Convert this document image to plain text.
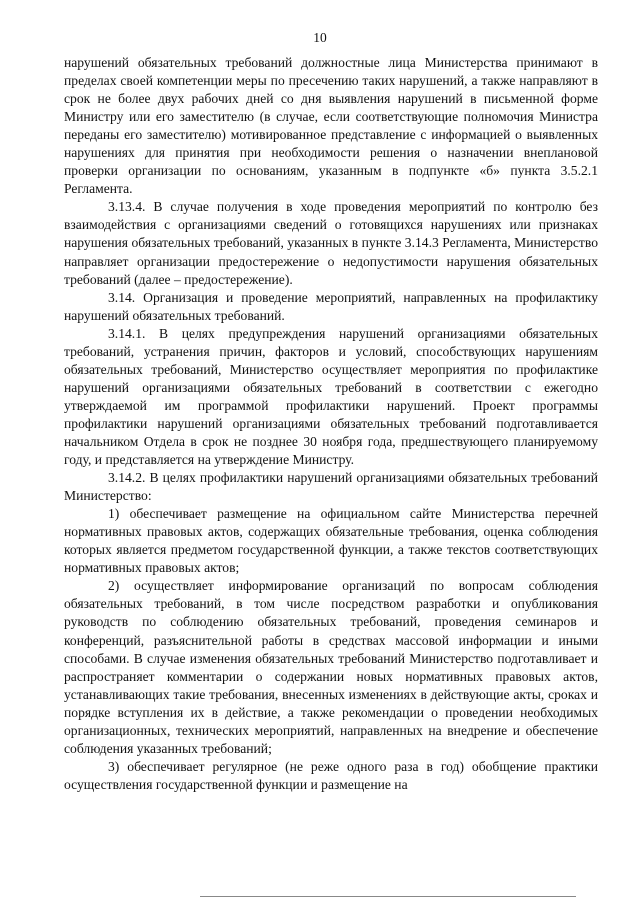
10

нарушений обязательных требований должностные лица Министерства принимают в пределах своей компетенции меры по пресечению таких нарушений, а также направляют в срок не более двух рабочих дней со дня выявления нарушений в письменной форме Министру или его заместителю (в случае, если соответствующие полномочия Министра переданы его заместителю) мотивированное представление с информацией о выявленных нарушениях для принятия при необходимости решения о назначении внеплановой проверки организации по основаниям, указанным в подпункте «б» пункта 3.5.2.1 Регламента.

3.13.4. В случае получения в ходе проведения мероприятий по контролю без взаимодействия с организациями сведений о готовящихся нарушениях или признаках нарушения обязательных требований, указанных в пункте 3.14.3 Регламента, Министерство направляет организации предостережение о недопустимости нарушения обязательных требований (далее – предостережение).

3.14. Организация и проведение мероприятий, направленных на профилактику нарушений обязательных требований.

3.14.1. В целях предупреждения нарушений организациями обязательных требований, устранения причин, факторов и условий, способствующих нарушениям обязательных требований, Министерство осуществляет мероприятия по профилактике нарушений организациями обязательных требований в соответствии с ежегодно утверждаемой им программой профилактики нарушений. Проект программы профилактики нарушений организациями обязательных требований подготавливается начальником Отдела в срок не позднее 30 ноября года, предшествующего планируемому году, и представляется на утверждение Министру.

3.14.2. В целях профилактики нарушений организациями обязательных требований Министерство:

1) обеспечивает размещение на официальном сайте Министерства перечней нормативных правовых актов, содержащих обязательные требования, оценка соблюдения которых является предметом государственной функции, а также текстов соответствующих нормативных правовых актов;

2) осуществляет информирование организаций по вопросам соблюдения обязательных требований, в том числе посредством разработки и опубликования руководств по соблюдению обязательных требований, проведения семинаров и конференций, разъяснительной работы в средствах массовой информации и иными способами. В случае изменения обязательных требований Министерство подготавливает и распространяет комментарии о содержании новых нормативных правовых актов, устанавливающих такие требования, внесенных изменениях в действующие акты, сроках и порядке вступления их в действие, а также рекомендации о проведении необходимых организационных, технических мероприятий, направленных на внедрение и обеспечение соблюдения указанных требований;

3) обеспечивает регулярное (не реже одного раза в год) обобщение практики осуществления государственной функции и размещение на
